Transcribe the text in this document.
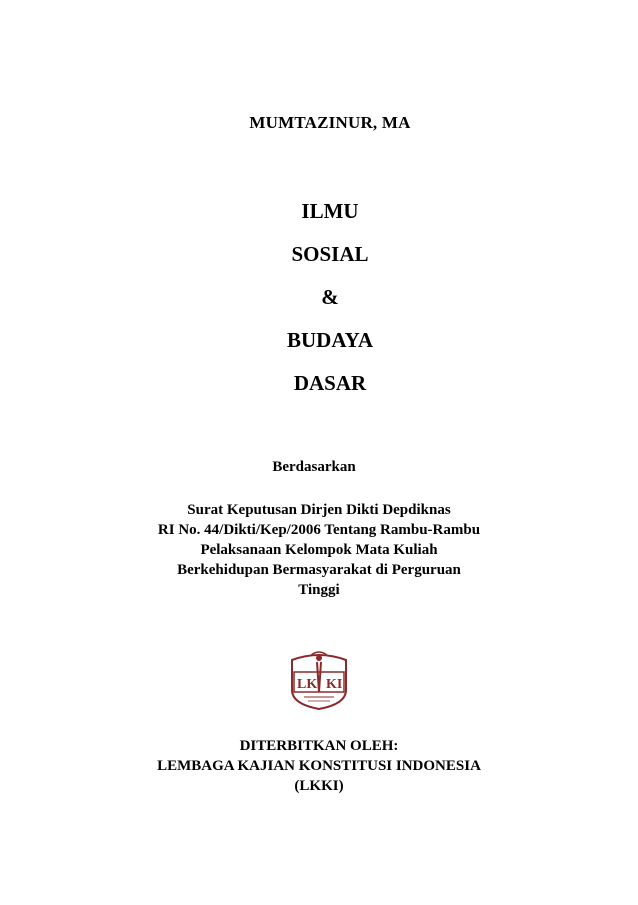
MUMTAZINUR, MA
ILMU
SOSIAL
&
BUDAYA
DASAR
Berdasarkan
Surat Keputusan Dirjen Dikti Depdiknas
RI No. 44/Dikti/Kep/2006 Tentang Rambu-Rambu
Pelaksanaan Kelompok Mata Kuliah
Berkehidupan Bermasyarakat di Perguruan
Tinggi
LK KI
DITERBITKAN OLEH:
LEMBAGA KAJIAN KONSTITUSI INDONESIA
(LKKI)
